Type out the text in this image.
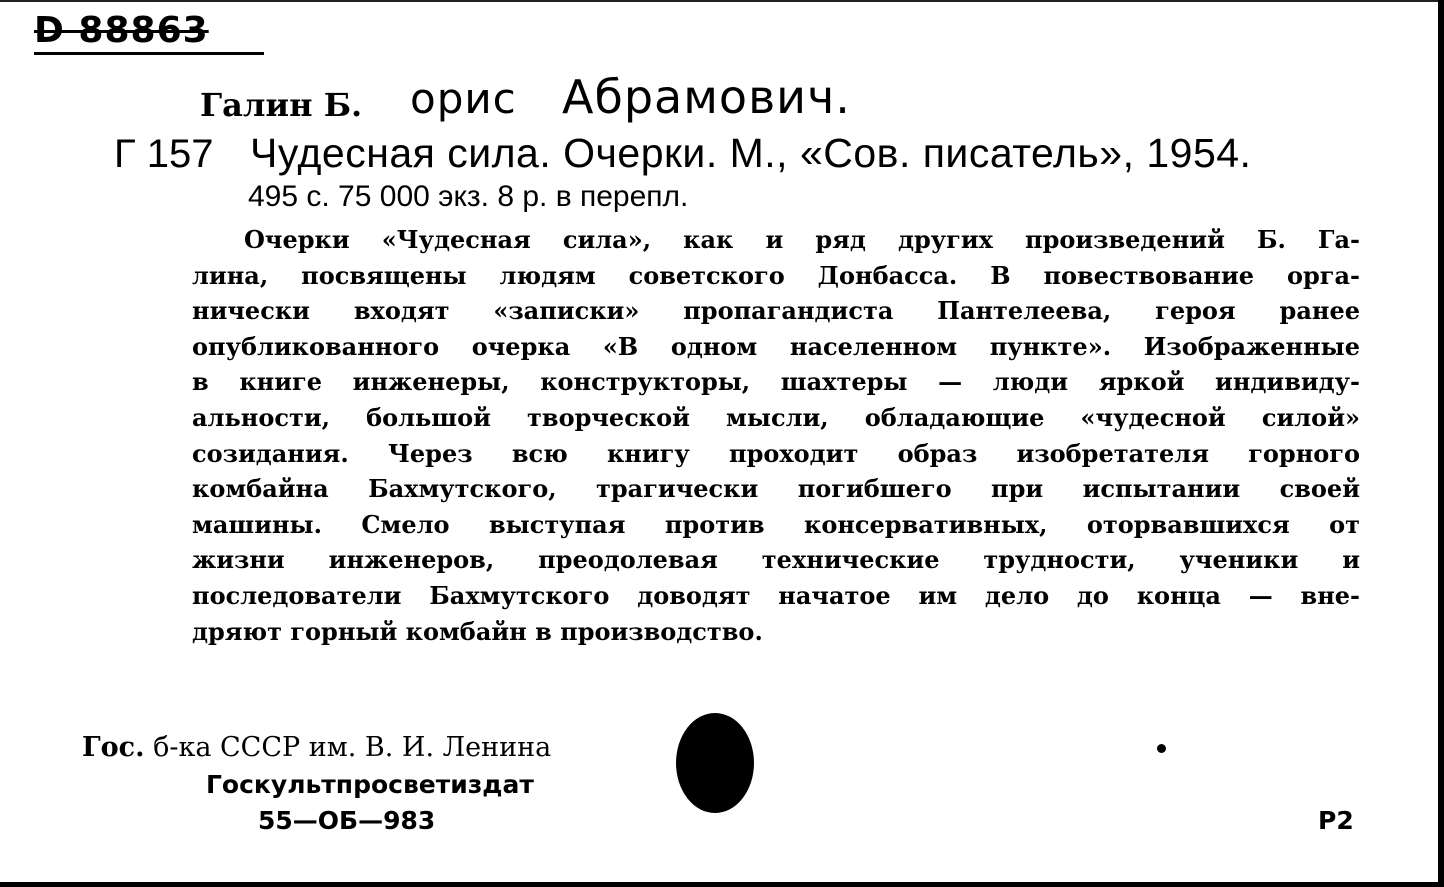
D 88863
Галин Б. орис Абрамович.
Г 157 Чудесная сила. Очерки. М., «Сов. писатель», 1954.
495 с. 75 000 экз. 8 р. в перепл.
Очерки «Чудесная сила», как и ряд других произведений Б. Га-
лина, посвящены людям советского Донбасса. В повествование орга-
нически входят «записки» пропагандиста Пантелеева, героя ранее
опубликованного очерка «В одном населенном пункте». Изображенные
в книге инженеры, конструкторы, шахтеры — люди яркой индивиду-
альности, большой творческой мысли, обладающие «чудесной силой»
созидания. Через всю книгу проходит образ изобретателя горного
комбайна Бахмутского, трагически погибшего при испытании своей
машины. Смело выступая против консервативных, оторвавшихся от
жизни инженеров, преодолевая технические трудности, ученики и
последователи Бахмутского доводят начатое им дело до конца — вне-
дряют горный комбайн в производство.
Гос. б-ка СССР им. В. И. Ленина
Госкультпросветиздат
55—ОБ—983	Р2
